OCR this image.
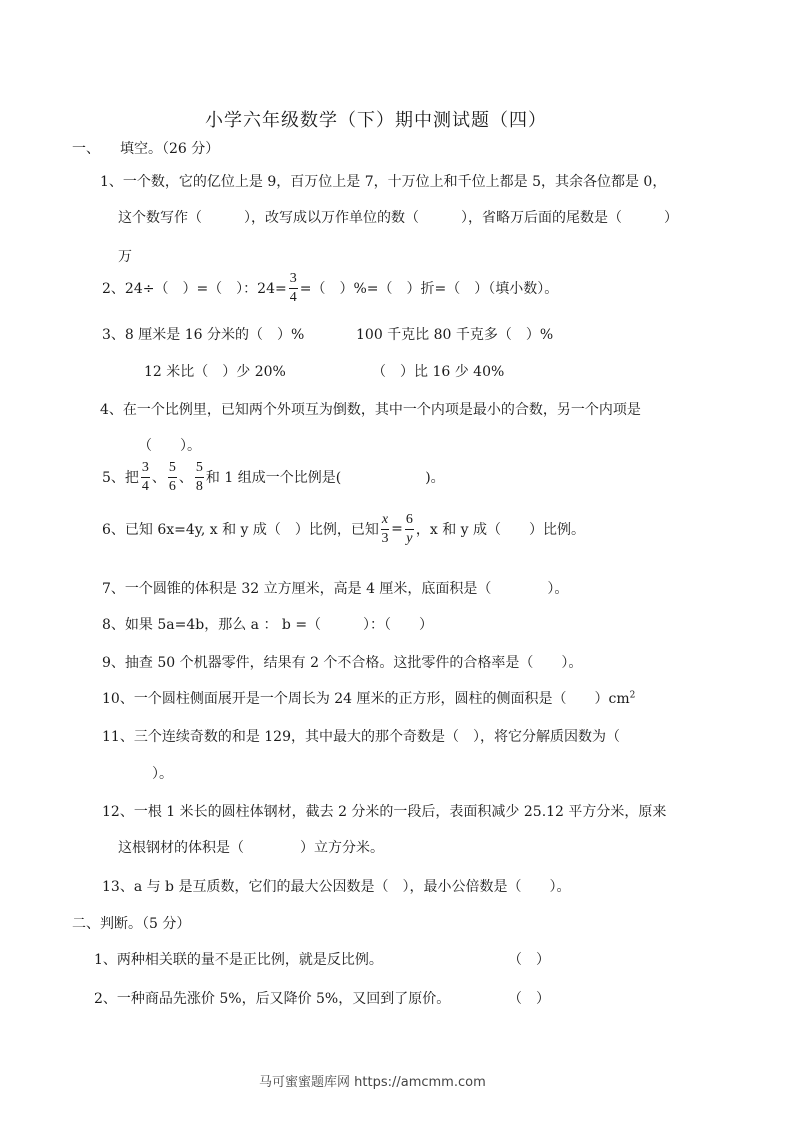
小学六年级数学（下）期中测试题（四）
一、 填空。（26 分）
1、一个数，它的亿位上是 9，百万位上是 7，十万位上和千位上都是 5，其余各位都是 0，
这个数写作（　　　），改写成以万作单位的数（　　　），省略万后面的尾数是（　　　）
万
2、24÷（　）=（　）：$24= \frac{3}{4}$ =（　）%=（　）折=（　）（填小数）。
3、8 厘米是 16 分米的（　）%	100 千克比 80 千克多（　）%
12 米比（　）少 20%	（　）比 16 少 40%
4、在一个比例里，已知两个外项互为倒数，其中一个内项是最小的合数，另一个内项是
（　　）。
5、把 $\frac{3}{4}$ 、 $\frac{5}{6}$ 、 $\frac{5}{8}$ 和 1 组成一个比例是(　　　　　　)。
6、已知 6x=4y, x 和 y 成（　）比例，已知 $\frac{x}{3} = \frac{6}{y}$ ，x 和 y 成（　　）比例。
7、一个圆锥的体积是 32 立方厘米，高是 4 厘米，底面积是（　　　　）。
8、如果 5a=4b，那么 a ： b =（　　　）：（　　）
9、抽查 50 个机器零件，结果有 2 个不合格。这批零件的合格率是（　　）。
10、一个圆柱侧面展开是一个周长为 24 厘米的正方形，圆柱的侧面积是（　　）$cm^2$
11、三个连续奇数的和是 129，其中最大的那个奇数是（　），将它分解质因数为（
）。
12、一根 1 米长的圆柱体钢材，截去 2 分米的一段后，表面积减少 25.12 平方分米，原来
这根钢材的体积是（　　　　）立方分米。
13、a 与 b 是互质数，它们的最大公因数是（　），最小公倍数是（　　）。
二、判断。（5 分）
1、两种相关联的量不是正比例，就是反比例。	（　）
2、一种商品先涨价 5%，后又降价 5%，又回到了原价。	（　）
马可蜜蜜题库网 https://amcmm.com
